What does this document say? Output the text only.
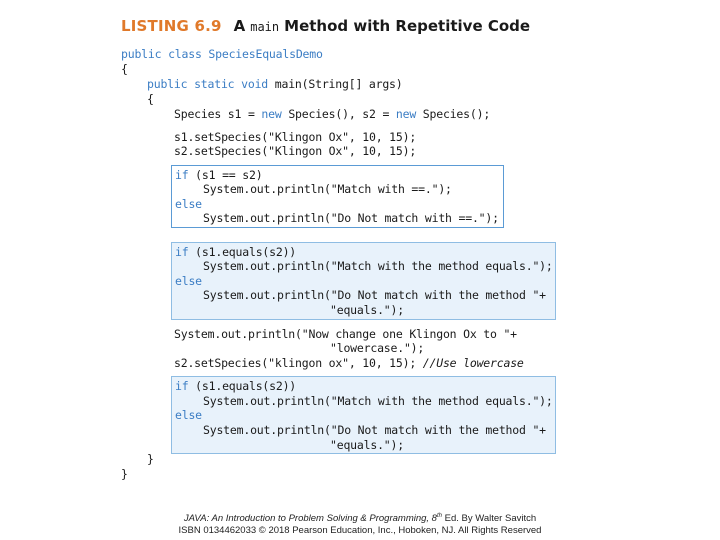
LISTING 6.9 A main Method with Repetitive Code
public class SpeciesEqualsDemo
{
public static void main(String[] args)
{
Species s1 = new Species(), s2 = new Species();
s1.setSpecies("Klingon Ox", 10, 15);
s2.setSpecies("Klingon Ox", 10, 15);
if (s1 == s2)
System.out.println("Match with ==.");
else
System.out.println("Do Not match with ==.");
if (s1.equals(s2))
System.out.println("Match with the method equals.");
else
System.out.println("Do Not match with the method "+
"equals.");
System.out.println("Now change one Klingon Ox to "+
"lowercase.");
s2.setSpecies("klingon ox", 10, 15); //Use lowercase
if (s1.equals(s2))
System.out.println("Match with the method equals.");
else
System.out.println("Do Not match with the method "+
"equals.");
}
}
JAVA: An Introduction to Problem Solving & Programming, 8th Ed. By Walter Savitch
ISBN 0134462033 © 2018 Pearson Education, Inc., Hoboken, NJ. All Rights Reserved
